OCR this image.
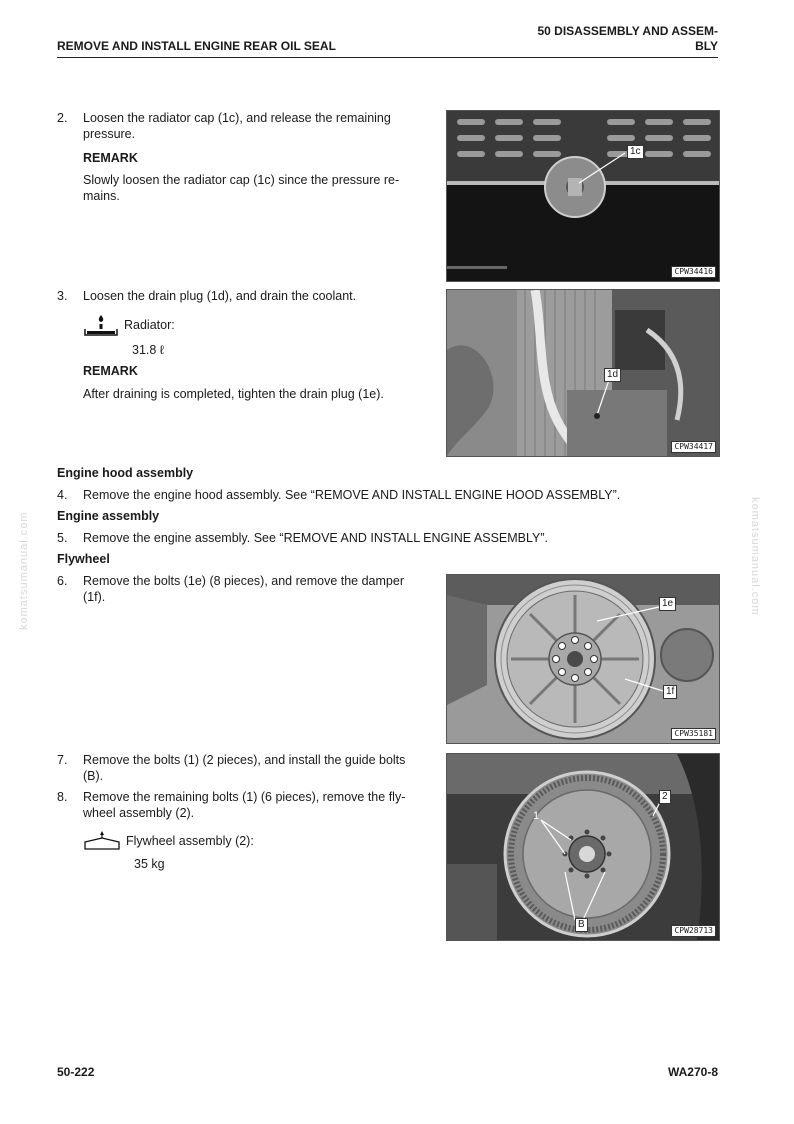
50 DISASSEMBLY AND ASSEM-
BLY
REMOVE AND INSTALL ENGINE REAR OIL SEAL
komatsumanual.com	komatsumanual.com
2. Loosen the radiator cap (1c), and release the remaining
pressure.
REMARK
Slowly loosen the radiator cap (1c) since the pressure re-
mains.
1c
CPW34416
3. Loosen the drain plug (1d), and drain the coolant.
Radiator:
31.8 ℓ
REMARK
After draining is completed, tighten the drain plug (1e).
1d
CPW34417
Engine hood assembly
4. Remove the engine hood assembly. See “REMOVE AND INSTALL ENGINE HOOD ASSEMBLY”.
Engine assembly
5. Remove the engine assembly. See “REMOVE AND INSTALL ENGINE ASSEMBLY”.
Flywheel
6. Remove the bolts (1e) (8 pieces), and remove the damper
(1f).	1e
1f
CPW35181
7. Remove the bolts (1) (2 pieces), and install the guide bolts
(B).
8. Remove the remaining bolts (1) (6 pieces), remove the fly-
wheel assembly (2).
Flywheel assembly (2):
35 kg
1
2
B
CPW28713
50-222	WA270-8
